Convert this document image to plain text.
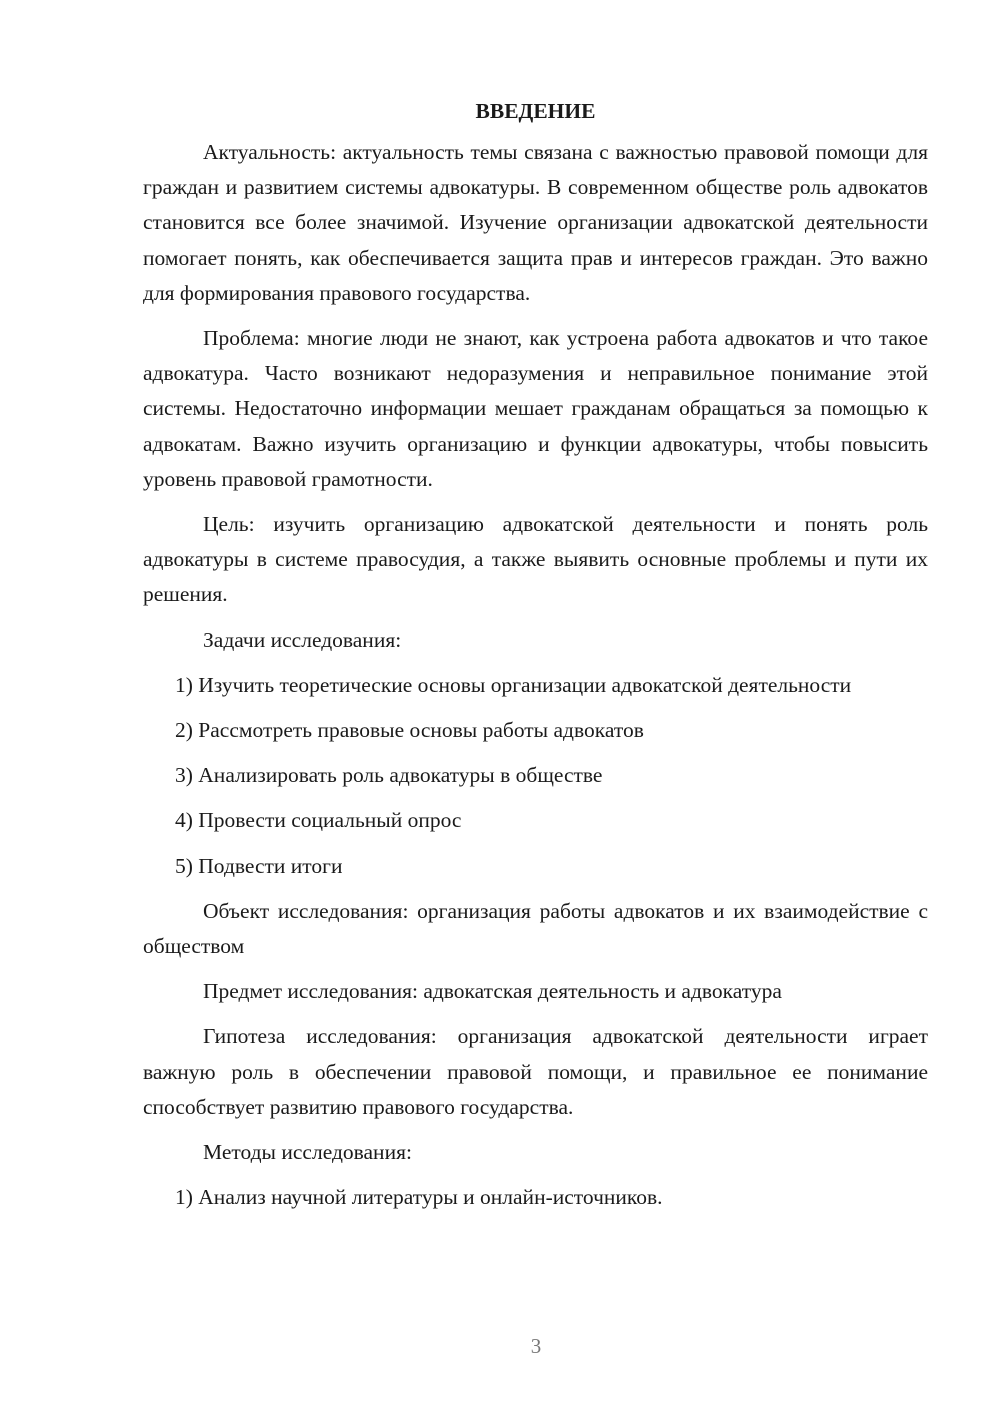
ВВЕДЕНИЕ

Актуальность: актуальность темы связана с важностью правовой помощи для граждан и развитием системы адвокатуры. В современном обществе роль адвокатов становится все более значимой. Изучение организации адвокатской деятельности помогает понять, как обеспечивается защита прав и интересов граждан. Это важно для формирования правового государства.

Проблема: многие люди не знают, как устроена работа адвокатов и что такое адвокатура. Часто возникают недоразумения и неправильное понимание этой системы. Недостаточно информации мешает гражданам обращаться за помощью к адвокатам. Важно изучить организацию и функции адвокатуры, чтобы повысить уровень правовой грамотности.

Цель: изучить организацию адвокатской деятельности и понять роль адвокатуры в системе правосудия, а также выявить основные проблемы и пути их решения.

Задачи исследования:

1) Изучить теоретические основы организации адвокатской деятельности

2) Рассмотреть правовые основы работы адвокатов

3) Анализировать роль адвокатуры в обществе

4) Провести социальный опрос

5) Подвести итоги

Объект исследования: организация работы адвокатов и их взаимодействие с обществом

Предмет исследования: адвокатская деятельность и адвокатура

Гипотеза исследования: организация адвокатской деятельности играет важную роль в обеспечении правовой помощи, и правильное ее понимание способствует развитию правового государства.

Методы исследования:

1) Анализ научной литературы и онлайн-источников.

3
